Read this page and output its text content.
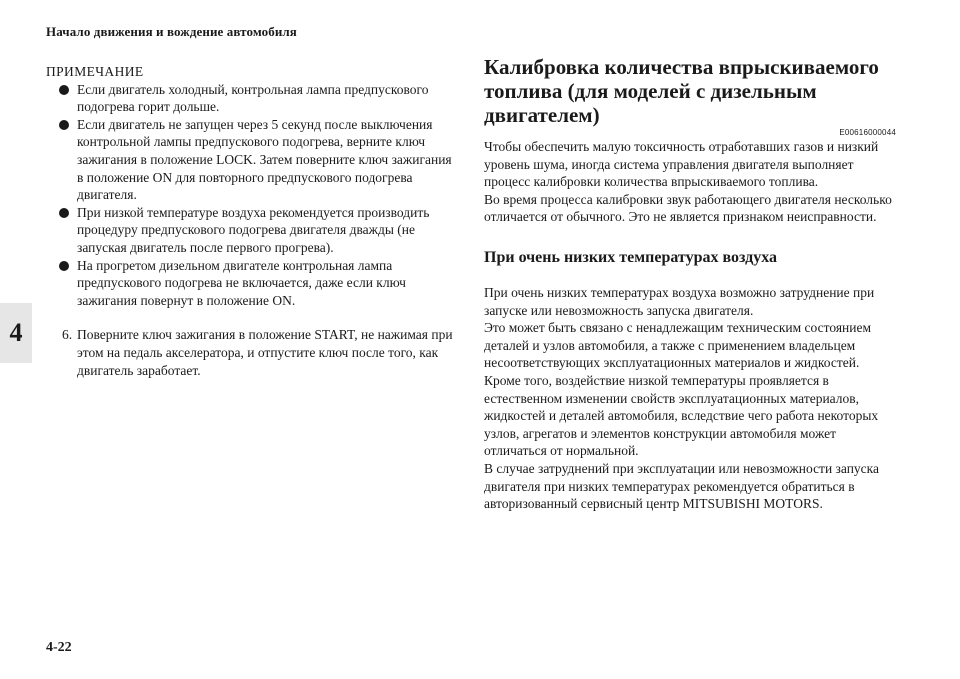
Начало движения и вождение автомобиля
4
ПРИМЕЧАНИЕ
Если двигатель холодный, контрольная лампа предпускового подогрева горит дольше.
Если двигатель не запущен через 5 секунд после выключения контрольной лампы предпускового подогрева, верните ключ зажигания в положение LOCK. Затем поверните ключ зажигания в положение ON для повторного предпускового подогрева двигателя.
При низкой температуре воздуха рекомендуется производить процедуру предпускового подогрева двигателя дважды (не запуская двигатель после первого прогрева).
На прогретом дизельном двигателе контрольная лампа предпускового подогрева не включается, даже если ключ зажигания повернут в положение ON.
6. Поверните ключ зажигания в положение START, не нажимая при этом на педаль акселератора, и отпустите ключ после того, как двигатель заработает.
Калибровка количества впрыскиваемого
топлива (для моделей с дизельным двигателем)
E00616000044

Чтобы обеспечить малую токсичность отработавших газов и низкий уровень шума, иногда система управления двигателя выполняет процесс калибровки количества впрыскиваемого топлива.

Во время процесса калибровки звук работающего двигателя несколько отличается от обычного. Это не является признаком неисправности.

При очень низких температурах воздуха

При очень низких температурах воздуха возможно затруднение при запуске или невозможность запуска двигателя.

Это может быть связано с ненадлежащим техническим состоянием деталей и узлов автомобиля, а также с применением владельцем несоответствующих эксплуатационных материалов и жидкостей.

Кроме того, воздействие низкой температуры проявляется в естественном изменении свойств эксплуатационных материалов, жидкостей и деталей автомобиля, вследствие чего работа некоторых узлов, агрегатов и элементов конструкции автомобиля может отличаться от нормальной.

В случае затруднений при эксплуатации или невозможности запуска двигателя при низких температурах рекомендуется обратиться в авторизованный сервисный центр MITSUBISHI MOTORS.

4-22
